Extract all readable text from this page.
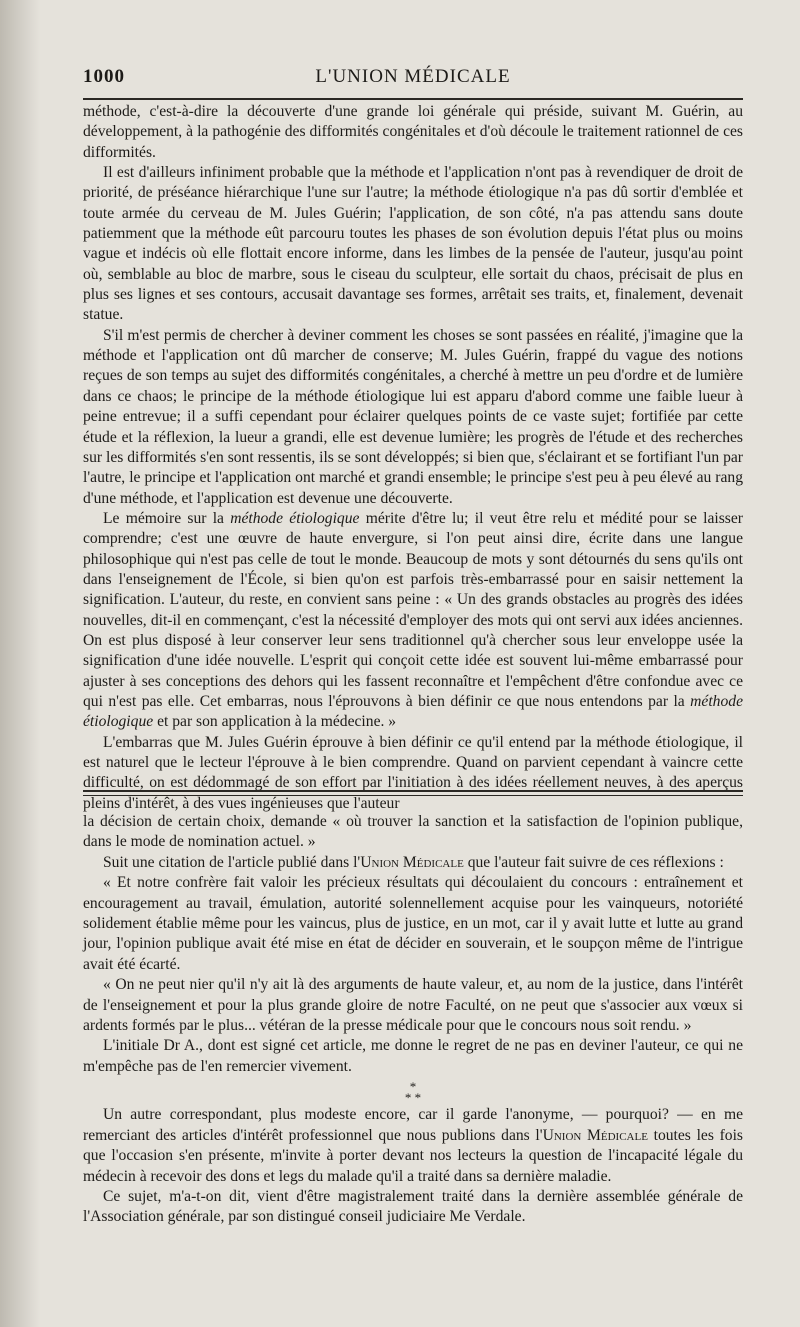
1000	L'UNION MÉDICALE

méthode, c'est-à-dire la découverte d'une grande loi générale qui préside, suivant M. Guérin, au développement, à la pathogénie des difformités congénitales et d'où découle le traitement rationnel de ces difformités.

Il est d'ailleurs infiniment probable que la méthode et l'application n'ont pas à revendiquer de droit de priorité, de préséance hiérarchique l'une sur l'autre; la méthode étiologique n'a pas dû sortir d'emblée et toute armée du cerveau de M. Jules Guérin; l'application, de son côté, n'a pas attendu sans doute patiemment que la méthode eût parcouru toutes les phases de son évolution depuis l'état plus ou moins vague et indécis où elle flottait encore informe, dans les limbes de la pensée de l'auteur, jusqu'au point où, semblable au bloc de marbre, sous le ciseau du sculpteur, elle sortait du chaos, précisait de plus en plus ses lignes et ses contours, accusait davantage ses formes, arrêtait ses traits, et, finalement, devenait statue.

S'il m'est permis de chercher à deviner comment les choses se sont passées en réalité, j'imagine que la méthode et l'application ont dû marcher de conserve; M. Jules Guérin, frappé du vague des notions reçues de son temps au sujet des difformités congénitales, a cherché à mettre un peu d'ordre et de lumière dans ce chaos; le principe de la méthode étiologique lui est apparu d'abord comme une faible lueur à peine entrevue; il a suffi cependant pour éclairer quelques points de ce vaste sujet; fortifiée par cette étude et la réflexion, la lueur a grandi, elle est devenue lumière; les progrès de l'étude et des recherches sur les difformités s'en sont ressentis, ils se sont développés; si bien que, s'éclairant et se fortifiant l'un par l'autre, le principe et l'application ont marché et grandi ensemble; le principe s'est peu à peu élevé au rang d'une méthode, et l'application est devenue une découverte.

Le mémoire sur la méthode étiologique mérite d'être lu; il veut être relu et médité pour se laisser comprendre; c'est une œuvre de haute envergure, si l'on peut ainsi dire, écrite dans une langue philosophique qui n'est pas celle de tout le monde. Beaucoup de mots y sont détournés du sens qu'ils ont dans l'enseignement de l'École, si bien qu'on est parfois très-embarrassé pour en saisir nettement la signification. L'auteur, du reste, en convient sans peine : « Un des grands obstacles au progrès des idées nouvelles, dit-il en commençant, c'est la nécessité d'employer des mots qui ont servi aux idées anciennes. On est plus disposé à leur conserver leur sens traditionnel qu'à chercher sous leur enveloppe usée la signification d'une idée nouvelle. L'esprit qui conçoit cette idée est souvent lui-même embarrassé pour ajuster à ses conceptions des dehors qui les fassent reconnaître et l'empêchent d'être confondue avec ce qui n'est pas elle. Cet embarras, nous l'éprouvons à bien définir ce que nous entendons par la méthode étiologique et par son application à la médecine. »

L'embarras que M. Jules Guérin éprouve à bien définir ce qu'il entend par la méthode étiologique, il est naturel que le lecteur l'éprouve à le bien comprendre. Quand on parvient cependant à vaincre cette difficulté, on est dédommagé de son effort par l'initiation à des idées réellement neuves, à des aperçus pleins d'intérêt, à des vues ingénieuses que l'auteur

la décision de certain choix, demande « où trouver la sanction et la satisfaction de l'opinion publique, dans le mode de nomination actuel. »

Suit une citation de l'article publié dans l'Union Médicale que l'auteur fait suivre de ces réflexions :

« Et notre confrère fait valoir les précieux résultats qui découlaient du concours : entraînement et encouragement au travail, émulation, autorité solennellement acquise pour les vainqueurs, notoriété solidement établie même pour les vaincus, plus de justice, en un mot, car il y avait lutte et lutte au grand jour, l'opinion publique avait été mise en état de décider en souverain, et le soupçon même de l'intrigue avait été écarté.

« On ne peut nier qu'il n'y ait là des arguments de haute valeur, et, au nom de la justice, dans l'intérêt de l'enseignement et pour la plus grande gloire de notre Faculté, on ne peut que s'associer aux vœux si ardents formés par le plus... vétéran de la presse médicale pour que le concours nous soit rendu. »

L'initiale Dr A., dont est signé cet article, me donne le regret de ne pas en deviner l'auteur, ce qui ne m'empêche pas de l'en remercier vivement.

*
* *

Un autre correspondant, plus modeste encore, car il garde l'anonyme, — pourquoi? — en me remerciant des articles d'intérêt professionnel que nous publions dans l'Union Médicale toutes les fois que l'occasion s'en présente, m'invite à porter devant nos lecteurs la question de l'incapacité légale du médecin à recevoir des dons et legs du malade qu'il a traité dans sa dernière maladie.

Ce sujet, m'a-t-on dit, vient d'être magistralement traité dans la dernière assemblée générale de l'Association générale, par son distingué conseil judiciaire Me Verdale.
